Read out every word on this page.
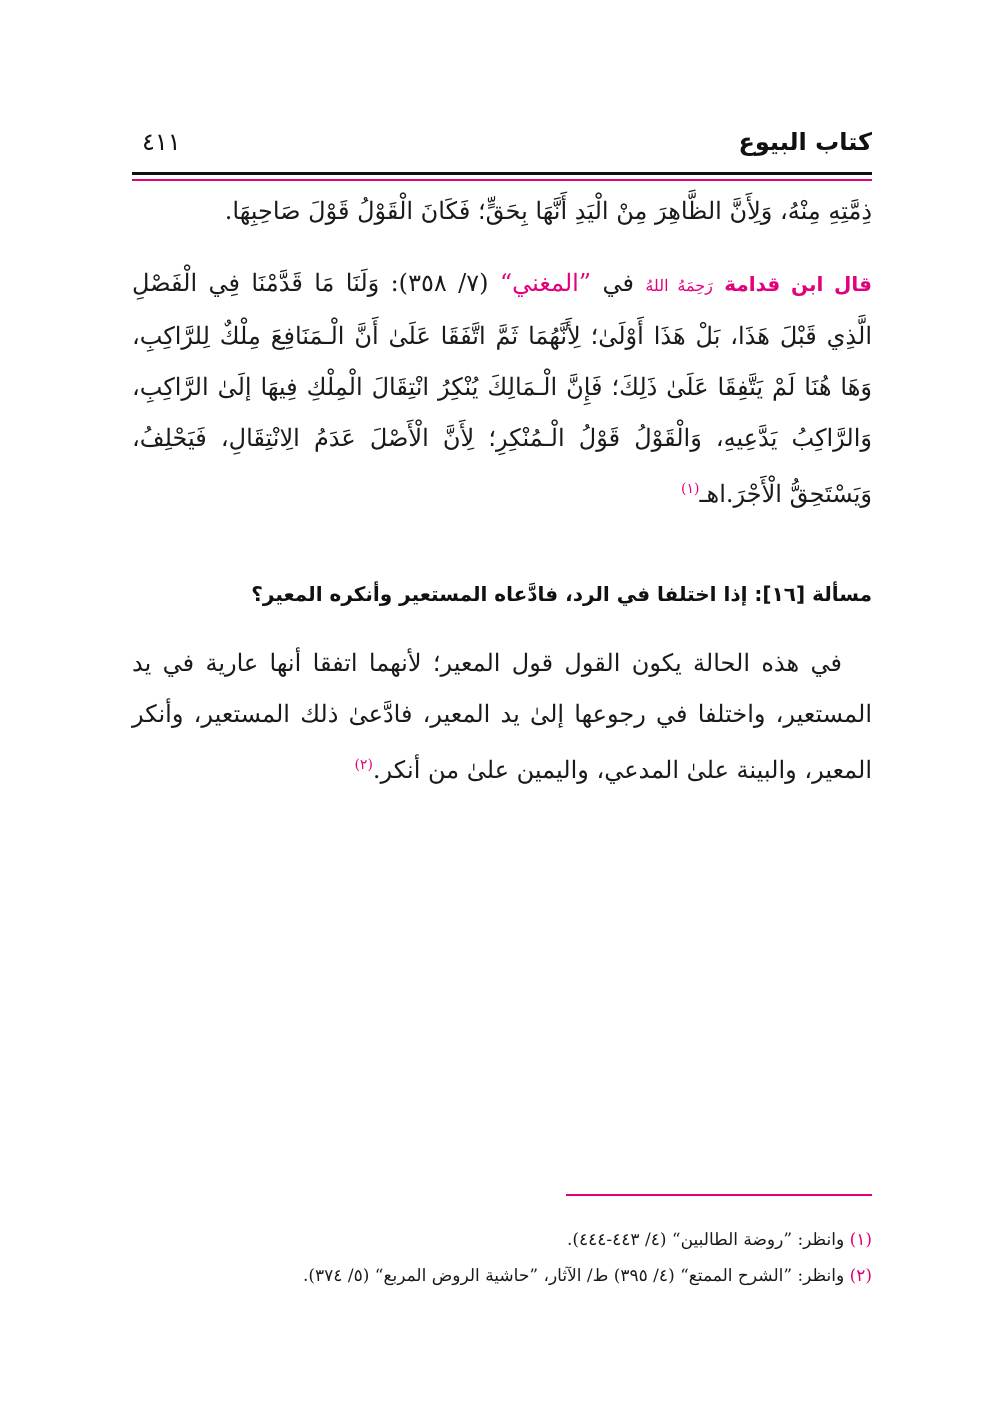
كتاب البيوع
٤١١

ذِمَّتِهِ مِنْهُ، وَلِأَنَّ الظَّاهِرَ مِنْ الْيَدِ أَنَّهَا بِحَقٍّ؛ فَكَانَ الْقَوْلُ قَوْلَ صَاحِبِهَا.

قال ابن قدامة رَحِمَهُ اللهُ في ”المغني“ (٧/ ٣٥٨): وَلَنَا مَا قَدَّمْنَا فِي الْفَصْلِ الَّذِي قَبْلَ هَذَا، بَلْ هَذَا أَوْلَىٰ؛ لِأَنَّهُمَا ثَمَّ اتَّفَقَا عَلَىٰ أَنَّ الْـمَنَافِعَ مِلْكٌ لِلرَّاكِبِ، وَهَا هُنَا لَمْ يَتَّفِقَا عَلَىٰ ذَلِكَ؛ فَإِنَّ الْـمَالِكَ يُنْكِرُ انْتِقَالَ الْمِلْكِ فِيهَا إلَىٰ الرَّاكِبِ، وَالرَّاكِبُ يَدَّعِيهِ، وَالْقَوْلُ قَوْلُ الْـمُنْكِرِ؛ لِأَنَّ الْأَصْلَ عَدَمُ الِانْتِقَالِ، فَيَحْلِفُ، وَيَسْتَحِقُّ الْأَجْرَ.اهـ$^{(١)}$

مسألة [١٦]: إذا اختلفا في الرد، فادَّعاه المستعير وأنكره المعير؟

في هذه الحالة يكون القول قول المعير؛ لأنهما اتفقا أنها عارية في يد المستعير، واختلفا في رجوعها إلىٰ يد المعير، فادَّعىٰ ذلك المستعير، وأنكر المعير، والبينة علىٰ المدعي، واليمين علىٰ من أنكر.$^{(٢)}$

(١) وانظر: ”روضة الطالبين“ (٤/ ٤٤٣-٤٤٤).
(٢) وانظر: ”الشرح الممتع“ (٤/ ٣٩٥) ط/ الآثار، ”حاشية الروض المربع“ (٥/ ٣٧٤).
